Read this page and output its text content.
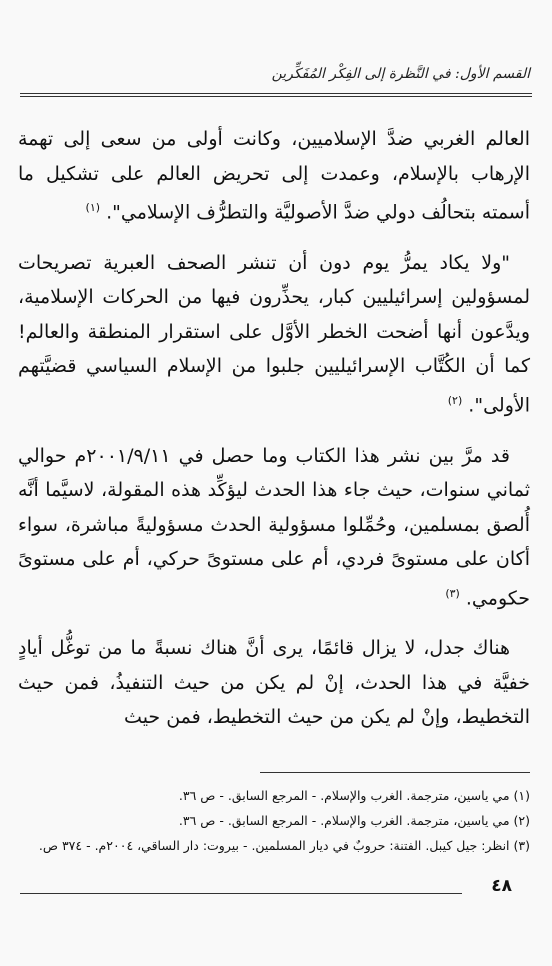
القسم الأول: في النَّظرة إلى الفِكْر المُفَكِّرين

العالم الغربي ضدَّ الإسلاميين، وكانت أولى من سعى إلى تهمة الإرهاب بالإسلام، وعمدت إلى تحريض العالم على تشكيل ما أسمته بتحالُف دولي ضدَّ الأصوليَّة والتطرُّف الإسلامي". $^{(١)}$

"ولا يكاد يمرُّ يوم دون أن تنشر الصحف العبرية تصريحات لمسؤولين إسرائيليين كبار، يحذِّرون فيها من الحركات الإسلامية، ويدَّعون أنها أضحت الخطر الأوَّل على استقرار المنطقة والعالم! كما أن الكُتَّاب الإسرائيليين جلبوا من الإسلام السياسي قضيَّتهم الأولى". $^{(٢)}$

قد مرَّ بين نشر هذا الكتاب وما حصل في ٢٠٠١/٩/١١م حوالي ثماني سنوات، حيث جاء هذا الحدث ليؤكِّد هذه المقولة، لاسيَّما أنَّه أُلصق بمسلمين، وحُمِّلوا مسؤولية الحدث مسؤوليةً مباشرة، سواء أكان على مستوىً فردي، أم على مستوىً حركي، أم على مستوىً حكومي. $^{(٣)}$

هناك جدل، لا يزال قائمًا، يرى أنَّ هناك نسبةً ما من توغُّل أيادٍ خفيَّة في هذا الحدث، إنْ لم يكن من حيث التنفيذُ، فمن حيث التخطيط، وإنْ لم يكن من حيث التخطيط، فمن حيث

(١) مي ياسين، مترجمة. الغرب والإسلام. - المرجع السابق. - ص ٣٦.

(٢) مي ياسين، مترجمة. الغرب والإسلام. - المرجع السابق. - ص ٣٦.

(٣) انظر: جيل كيبل. الفتنة: حروبٌ في ديار المسلمين. - بيروت: دار الساقي، ٢٠٠٤م. - ٣٧٤ ص.

٤٨
